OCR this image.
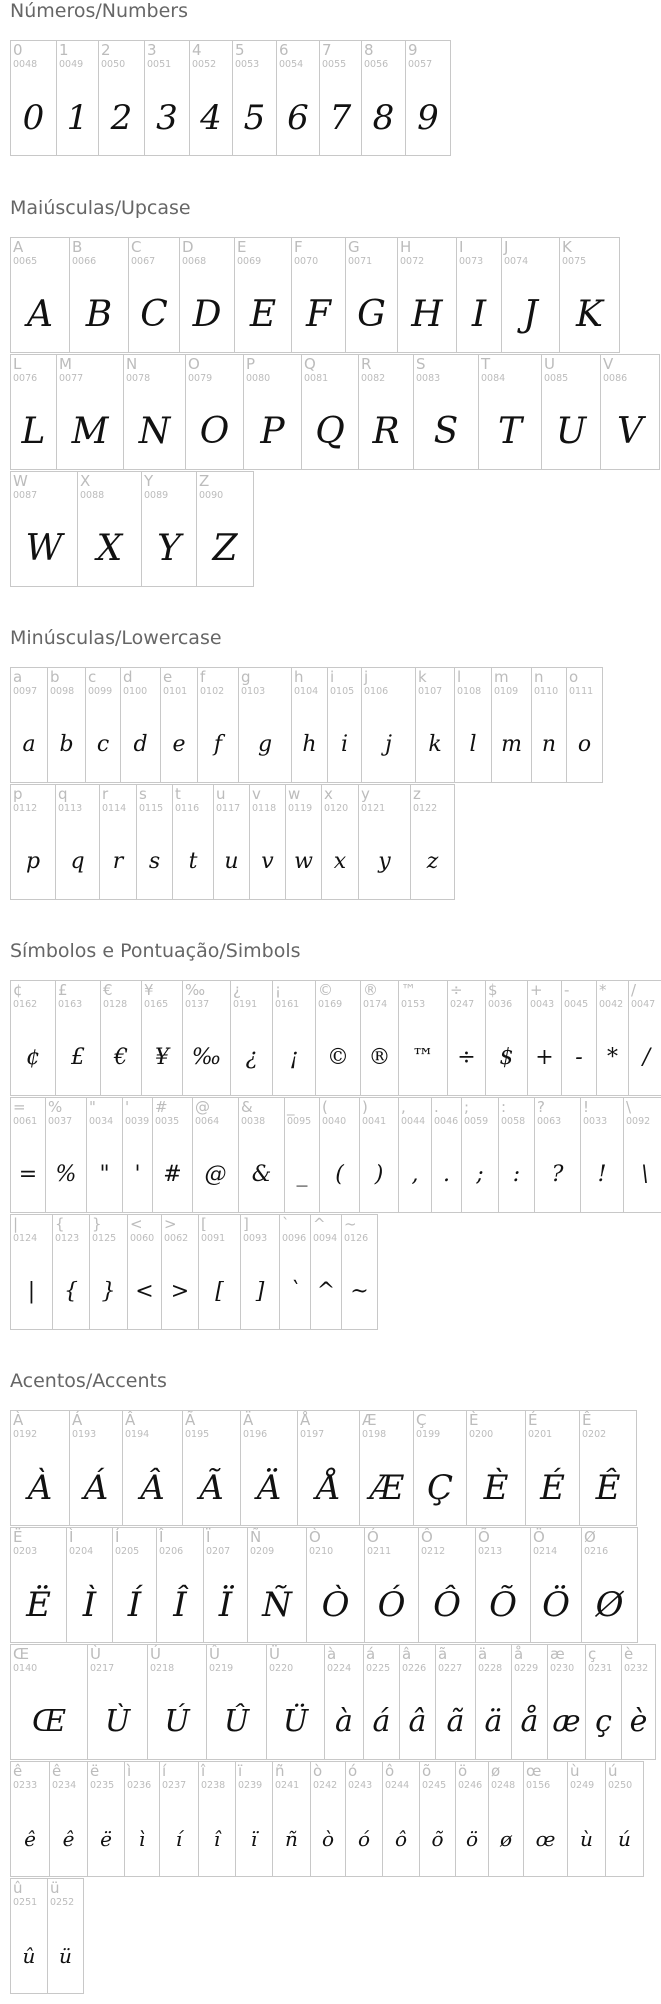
Números/Numbers
0
0048
0
1
0049
1
2
0050
2
3
0051
3
4
0052
4
5
0053
5
6
0054
6
7
0055
7
8
0056
8
9
0057
9
Maiúsculas/Upcase
A
0065
A
B
0066
B
C
0067
C
D
0068
D
E
0069
E
F
0070
F
G
0071
G
H
0072
H
I
0073
I
J
0074
J
K
0075
K
L
0076
L
M
0077
M
N
0078
N
O
0079
O
P
0080
P
Q
0081
Q
R
0082
R
S
0083
S
T
0084
T
U
0085
U
V
0086
V
W
0087
W
X
0088
X
Y
0089
Y
Z
0090
Z
Minúsculas/Lowercase
a
0097
a
b
0098
b
c
0099
c
d
0100
d
e
0101
e
f
0102
f
g
0103
g
h
0104
h
i
0105
i
j
0106
j
k
0107
k
l
0108
l
m
0109
m
n
0110
n
o
0111
o
p
0112
p
q
0113
q
r
0114
r
s
0115
s
t
0116
t
u
0117
u
v
0118
v
w
0119
w
x
0120
x
y
0121
y
z
0122
z
Símbolos e Pontuação/Simbols
¢
0162
¢
£
0163
£
€
0128
€
¥
0165
¥
‰
0137
‰
¿
0191
¿
¡
0161
¡
©
0169
©
®
0174
®
™
0153
™
÷
0247
÷
$
0036
$
+
0043
+
-
0045
-
*
0042
*
/
0047
/
=
0061
=
%
0037
%
"
0034
"
'
0039
'
#
0035
#
@
0064
@
&
0038
&
_
0095
_
(
0040
(
)
0041
)
,
0044
,
.
0046
.
;
0059
;
:
0058
:
?
0063
?
!
0033
!
\
0092
\
|
0124
|
{
0123
{
}
0125
}
<
0060
<
>
0062
>
[
0091
[
]
0093
]
`
0096
`
^
0094
^
~
0126
~
Acentos/Accents
À
0192
À
Á
0193
Á
Â
0194
Â
Ã
0195
Ã
Ä
0196
Ä
Å
0197
Å
Æ
0198
Æ
Ç
0199
Ç
È
0200
È
É
0201
É
Ê
0202
Ê
Ë
0203
Ë
Ì
0204
Ì
Í
0205
Í
Î
0206
Î
Ï
0207
Ï
Ñ
0209
Ñ
Ò
0210
Ò
Ó
0211
Ó
Ô
0212
Ô
Õ
0213
Õ
Ö
0214
Ö
Ø
0216
Ø
Œ
0140
Œ
Ù
0217
Ù
Ú
0218
Ú
Û
0219
Û
Ü
0220
Ü
à
0224
à
á
0225
á
â
0226
â
ã
0227
ã
ä
0228
ä
å
0229
å
æ
0230
æ
ç
0231
ç
è
0232
è
ê
0233
ê
ê
0234
ê
ë
0235
ë
ì
0236
ì
í
0237
í
î
0238
î
ï
0239
ï
ñ
0241
ñ
ò
0242
ò
ó
0243
ó
ô
0244
ô
õ
0245
õ
ö
0246
ö
ø
0248
ø
œ
0156
œ
ù
0249
ù
ú
0250
ú
û
0251
û
ü
0252
ü
